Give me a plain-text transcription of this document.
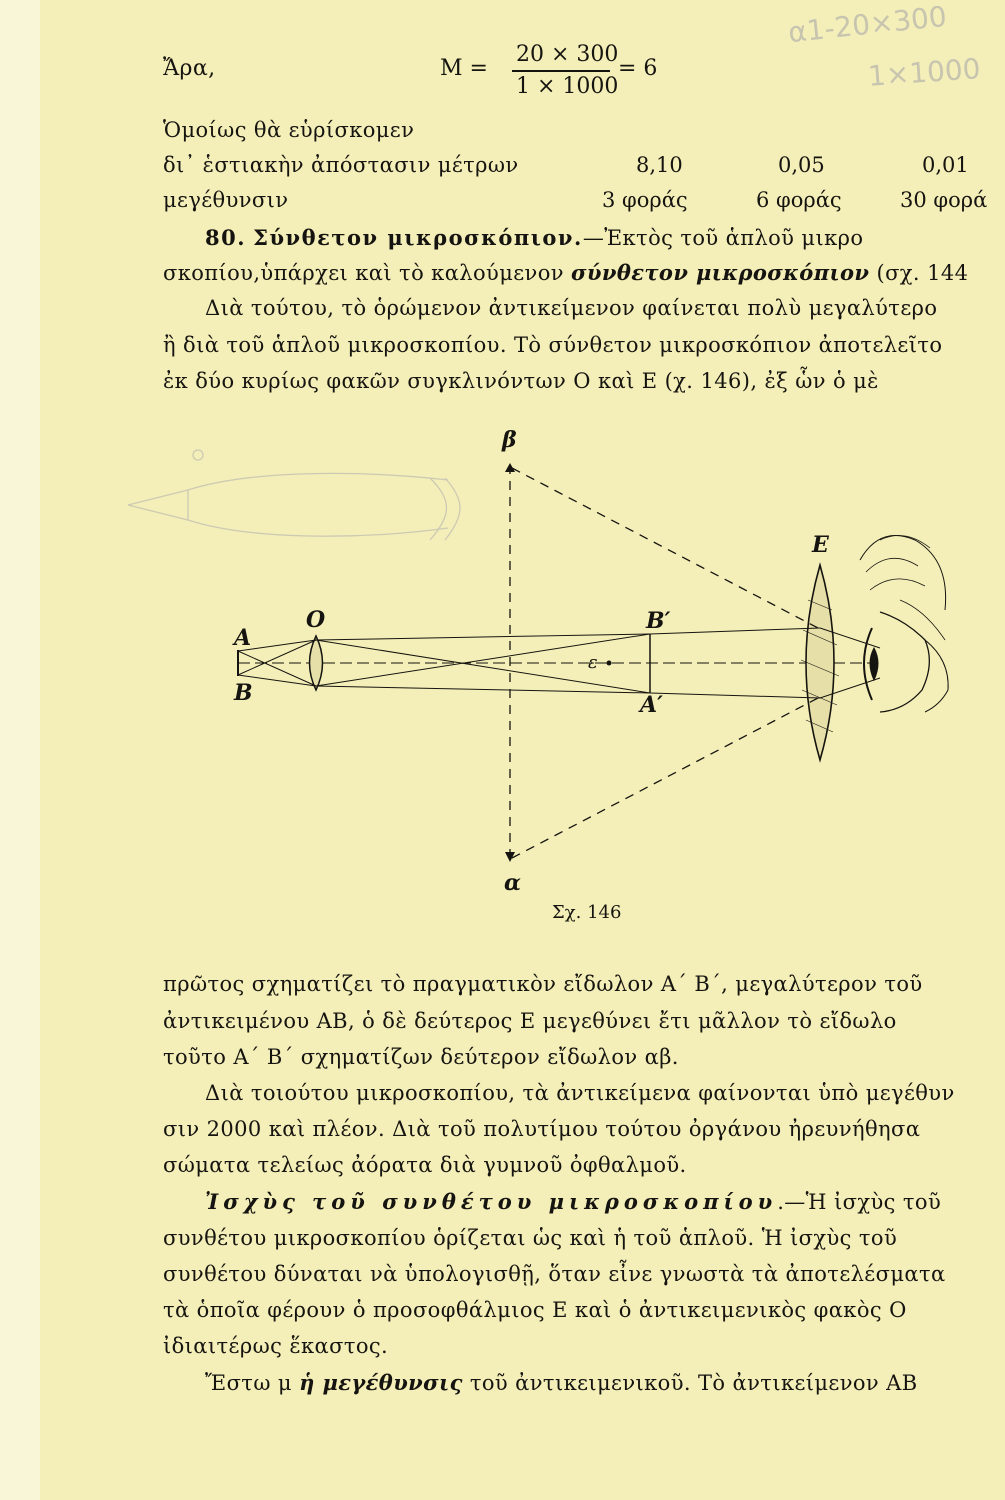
α1-20×300
1×1000
Ἄρα,	M =
20 × 300
1 × 1000
= 6
Ὁμοίως θὰ εὑρίσκομεν
δι᾽ ἑστιακὴν ἀπόστασιν μέτρων	8,10	0,05	0,01
μεγέθυνσιν	3 φοράς	6 φοράς	30 φορά
80. Σύνθετον μικροσκόπιον.—Ἐκτὸς τοῦ ἁπλοῦ μικρο
σκοπίου,ὑπάρχει καὶ τὸ καλούμενον σύνθετον μικροσκόπιον (σχ. 144
Διὰ τούτου, τὸ ὁρώμενον ἀντικείμενον φαίνεται πολὺ μεγαλύτερο
ἢ διὰ τοῦ ἁπλοῦ μικροσκοπίου. Τὸ σύνθετον μικροσκόπιον ἀποτελεῖτο
ἐκ δύο κυρίως φακῶν συγκλινόντων Ο καὶ Ε (χ. 146), ἐξ ὧν ὁ μὲ
β
α
A
B
O
E
B′
A′
ε
Σχ. 146
πρῶτος σχηματίζει τὸ πραγματικὸν εἴδωλον Α΄ Β΄, μεγαλύτερον τοῦ
ἀντικειμένου ΑΒ, ὁ δὲ δεύτερος Ε μεγεθύνει ἔτι μᾶλλον τὸ εἴδωλο
τοῦτο Α΄ Β΄ σχηματίζων δεύτερον εἴδωλον αβ.
Διὰ τοιούτου μικροσκοπίου, τὰ ἀντικείμενα φαίνονται ὑπὸ μεγέθυν
σιν 2000 καὶ πλέον. Διὰ τοῦ πολυτίμου τούτου ὀργάνου ἠρευνήθησα
σώματα τελείως ἀόρατα διὰ γυμνοῦ ὀφθαλμοῦ.
Ἰσχὺς τοῦ συνθέτου μικροσκοπίου.—Ἡ ἰσχὺς τοῦ
συνθέτου μικροσκοπίου ὁρίζεται ὡς καὶ ἡ τοῦ ἁπλοῦ. Ἡ ἰσχὺς τοῦ
συνθέτου δύναται νὰ ὑπολογισθῇ, ὅταν εἶνε γνωστὰ τὰ ἀποτελέσματα
τὰ ὁποῖα φέρουν ὁ προσοφθάλμιος Ε καὶ ὁ ἀντικειμενικὸς φακὸς Ο
ἰδιαιτέρως ἕκαστος.
Ἔστω μ ἡ μεγέθυνσις τοῦ ἀντικειμενικοῦ. Τὸ ἀντικείμενον ΑΒ
